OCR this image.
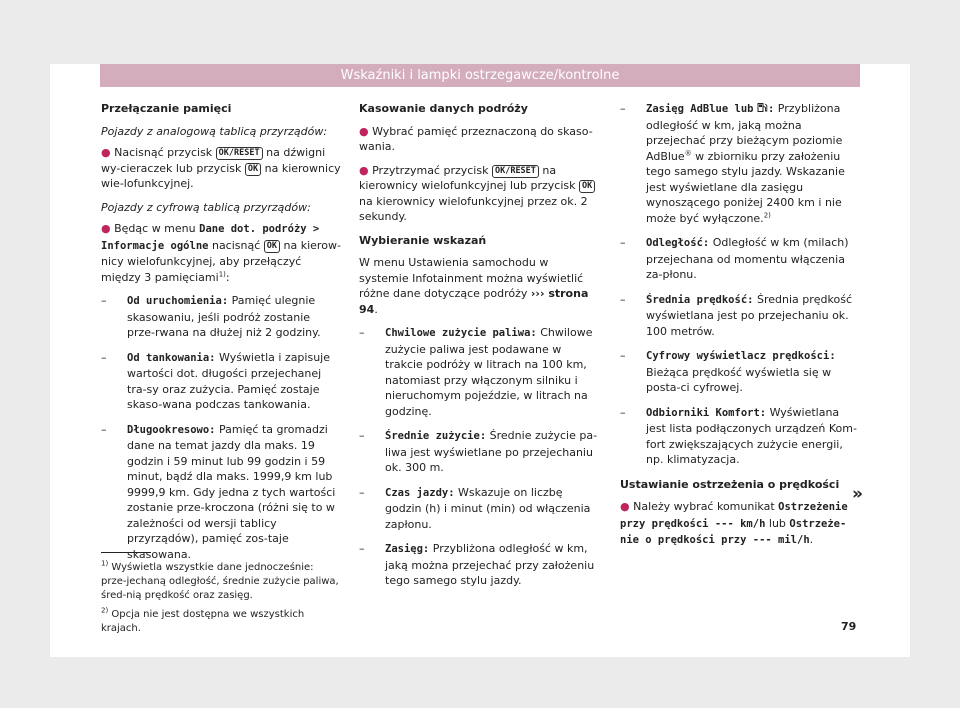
Wskaźniki i lampki ostrzegawcze/kontrolne

Przełączanie pamięci

Pojazdy z analogową tablicą przyrządów:

● Nacisnąć przycisk OK/RESET na dźwigni wy-cieraczek lub przycisk OK na kierownicy wie-lofunkcyjnej.

Pojazdy z cyfrową tablicą przyrządów:

● Będąc w menu Dane dot. podróży > Informacje ogólne nacisnąć OK na kierow-nicy wielofunkcyjnej, aby przełączyć między 3 pamięciami$^{1)}$:

– Od uruchomienia: Pamięć ulegnie skasowaniu, jeśli podróż zostanie prze-rwana na dłużej niż 2 godziny.
– Od tankowania: Wyświetla i zapisuje wartości dot. długości przejechanej tra-sy oraz zużycia. Pamięć zostaje skaso-wana podczas tankowania.
– Długookresowo: Pamięć ta gromadzi dane na temat jazdy dla maks. 19 godzin i 59 minut lub 99 godzin i 59 minut, bądź dla maks. 1999,9 km lub 9999,9 km. Gdy jedna z tych wartości zostanie prze-kroczona (różni się to w zależności od wersji tablicy przyrządów), pamięć zos-taje skasowana.

Kasowanie danych podróży

● Wybrać pamięć przeznaczoną do skaso-wania.

● Przytrzymać przycisk OK/RESET na kierownicy wielofunkcyjnej lub przycisk OK na kierownicy wielofunkcyjnej przez ok. 2 sekundy.

Wybieranie wskazań

W menu Ustawienia samochodu w systemie Infotainment można wyświetlić różne dane dotyczące podróży ››› strona 94.

– Chwilowe zużycie paliwa: Chwilowe zużycie paliwa jest podawane w trakcie podróży w litrach na 100 km, natomiast przy włączonym silniku i nieruchomym pojeździe, w litrach na godzinę.
– Średnie zużycie: Średnie zużycie pa-liwa jest wyświetlane po przejechaniu ok. 300 m.
– Czas jazdy: Wskazuje on liczbę godzin (h) i minut (min) od włączenia zapłonu.
– Zasięg: Przybliżona odległość w km, jaką można przejechać przy założeniu tego samego stylu jazdy.
– Zasięg AdBlue lub : Przybliżona odległość w km, jaką można przejechać przy bieżącym poziomie AdBlue® w zbiorniku przy założeniu tego samego stylu jazdy. Wskazanie jest wyświetlane dla zasięgu wynoszącego poniżej 2400 km i nie może być wyłączone.$^{2)}$
– Odległość: Odległość w km (milach) przejechana od momentu włączenia za-płonu.
– Średnia prędkość: Średnia prędkość wyświetlana jest po przejechaniu ok. 100 metrów.
– Cyfrowy wyświetlacz prędkości: Bieżąca prędkość wyświetla się w posta-ci cyfrowej.
– Odbiorniki Komfort: Wyświetlana jest lista podłączonych urządzeń Kom-fort zwiększających zużycie energii, np. klimatyzacja.

Ustawianie ostrzeżenia o prędkości

● Należy wybrać komunikat Ostrzeżenie przy prędkości --- km/h lub Ostrzeże-nie o prędkości przy --- mil/h.

»
$^{1)}$ Wyświetla wszystkie dane jednocześnie: prze-jechaną odległość, średnie zużycie paliwa, śred-nią prędkość oraz zasięg.
$^{2)}$ Opcja nie jest dostępna we wszystkich krajach.	79
